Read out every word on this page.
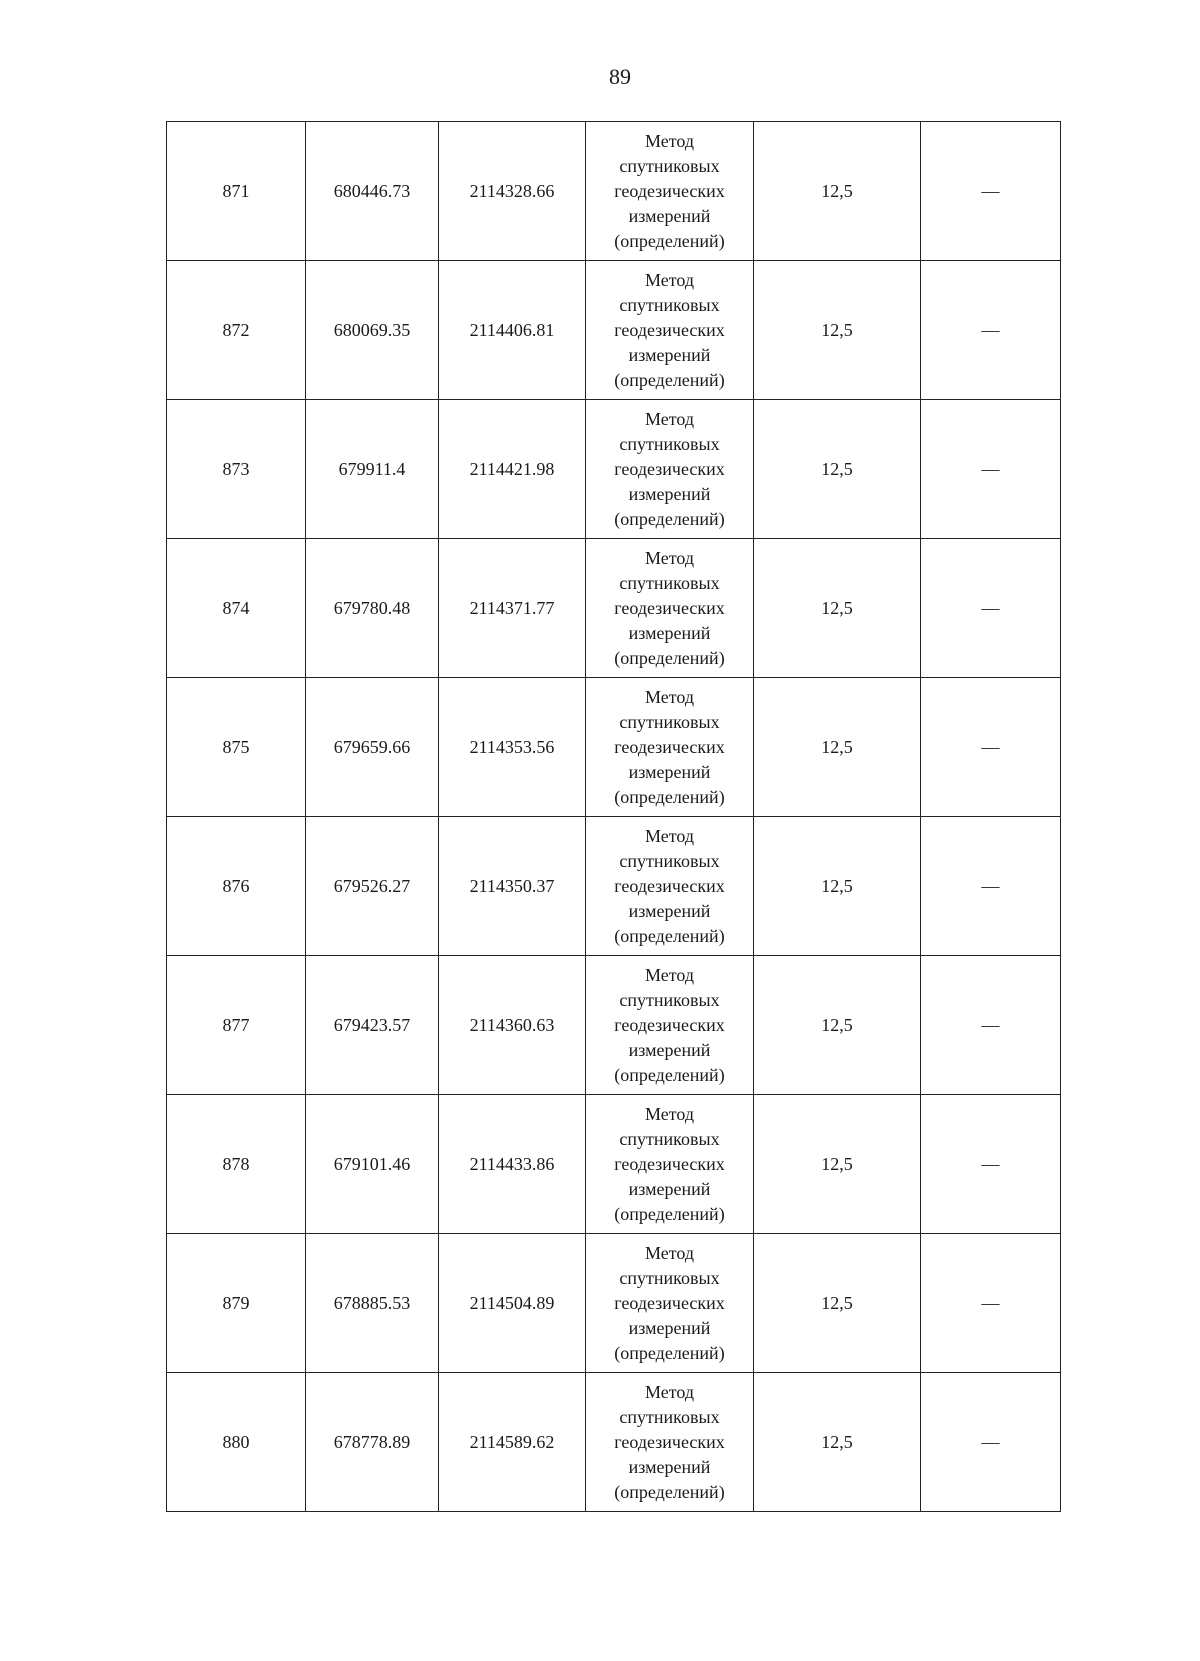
89
871	680446.73	2114328.66	Метод
спутниковых
геодезических
измерений
(определений)	12,5	—
872	680069.35	2114406.81	Метод
спутниковых
геодезических
измерений
(определений)	12,5	—
873	679911.4	2114421.98	Метод
спутниковых
геодезических
измерений
(определений)	12,5	—
874	679780.48	2114371.77	Метод
спутниковых
геодезических
измерений
(определений)	12,5	—
875	679659.66	2114353.56	Метод
спутниковых
геодезических
измерений
(определений)	12,5	—
876	679526.27	2114350.37	Метод
спутниковых
геодезических
измерений
(определений)	12,5	—
877	679423.57	2114360.63	Метод
спутниковых
геодезических
измерений
(определений)	12,5	—
878	679101.46	2114433.86	Метод
спутниковых
геодезических
измерений
(определений)	12,5	—
879	678885.53	2114504.89	Метод
спутниковых
геодезических
измерений
(определений)	12,5	—
880	678778.89	2114589.62	Метод
спутниковых
геодезических
измерений
(определений)	12,5	—
